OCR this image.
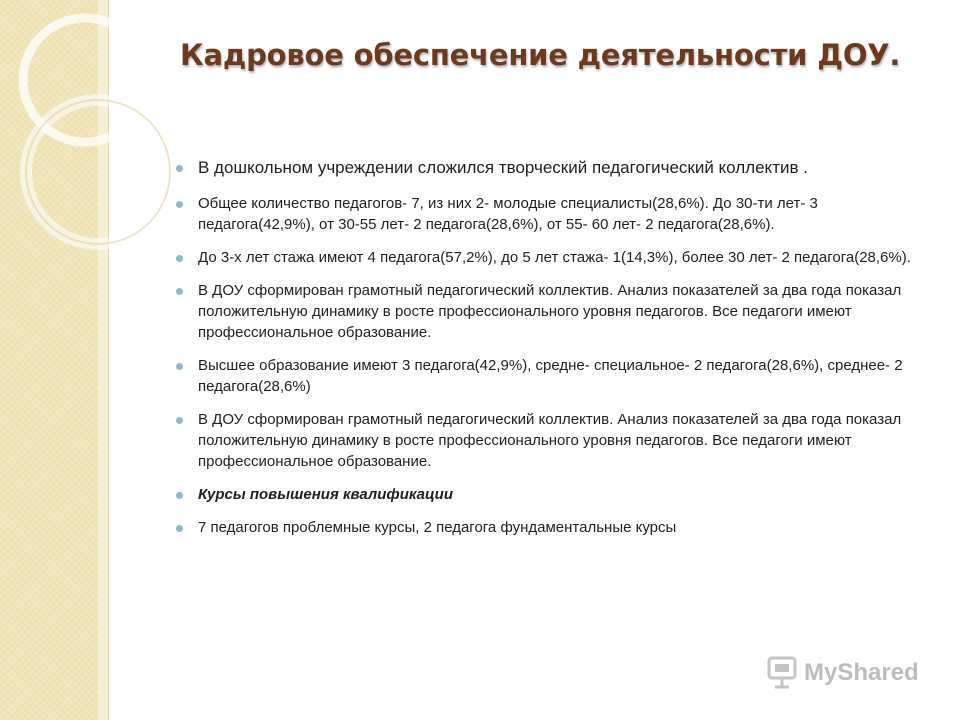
Кадровое обеспечение деятельности ДОУ.
В дошкольном учреждении сложился творческий педагогический коллектив .
Общее количество педагогов- 7, из них 2- молодые специалисты(28,6%). До 30-ти лет- 3 педагога(42,9%), от 30-55 лет- 2 педагога(28,6%), от 55- 60 лет- 2 педагога(28,6%).
До 3-х лет стажа имеют 4 педагога(57,2%), до 5 лет стажа- 1(14,3%), более 30 лет- 2 педагога(28,6%).
В ДОУ сформирован грамотный педагогический коллектив. Анализ показателей за два года показал положительную динамику в росте профессионального уровня педагогов. Все педагоги имеют профессиональное образование.
Высшее образование имеют 3 педагога(42,9%), средне- специальное- 2 педагога(28,6%), среднее- 2 педагога(28,6%)
В ДОУ сформирован грамотный педагогический коллектив. Анализ показателей за два года показал положительную динамику в росте профессионального уровня педагогов. Все педагоги имеют профессиональное образование.
Курсы повышения квалификации
7 педагогов проблемные курсы, 2 педагога фундаментальные курсы
MyShared
